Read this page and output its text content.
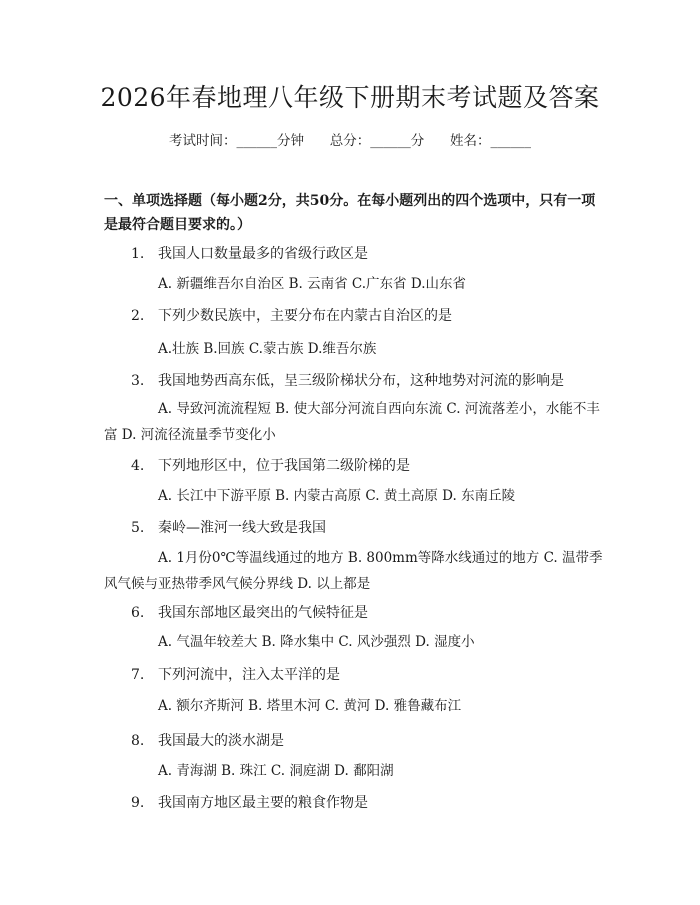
2026年春地理八年级下册期末考试题及答案
考试时间：______分钟 总分：______分 姓名：______
一、单项选择题（每小题2分，共50分。在每小题列出的四个选项中，只有一项是最符合题目要求的。）
1. 我国人口数量最多的省级行政区是
A. 新疆维吾尔自治区 B. 云南省 C.广东省 D.山东省
2. 下列少数民族中，主要分布在内蒙古自治区的是
A.壮族 B.回族 C.蒙古族 D.维吾尔族
3. 我国地势西高东低，呈三级阶梯状分布，这种地势对河流的影响是
A. 导致河流流程短 B. 使大部分河流自西向东流 C. 河流落差小，水能不丰富 D. 河流径流量季节变化小
4. 下列地形区中，位于我国第二级阶梯的是
A. 长江中下游平原 B. 内蒙古高原 C. 黄土高原 D. 东南丘陵
5. 秦岭—淮河一线大致是我国
A. 1月份0℃等温线通过的地方 B. 800mm等降水线通过的地方 C. 温带季风气候与亚热带季风气候分界线 D. 以上都是
6. 我国东部地区最突出的气候特征是
A. 气温年较差大 B. 降水集中 C. 风沙强烈 D. 湿度小
7. 下列河流中，注入太平洋的是
A. 额尔齐斯河 B. 塔里木河 C. 黄河 D. 雅鲁藏布江
8. 我国最大的淡水湖是
A. 青海湖 B. 珠江 C. 洞庭湖 D. 鄱阳湖
9. 我国南方地区最主要的粮食作物是
